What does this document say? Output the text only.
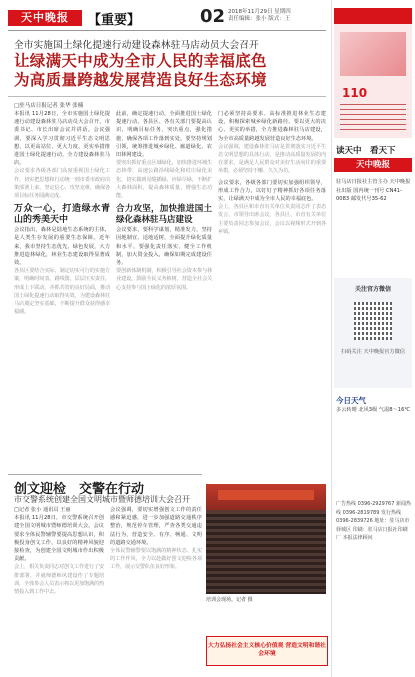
天中晚报	【重要】	02 2018年11月29日 星期四
责任编辑：张小 版式：王
全市实施国土绿化提速行动建设森林驻马店动员大会召开
让绿满天中成为全市人民的幸福底色
为高质量跨越发展营造良好生态环境
□驻马店日报记者 张华 张楠
本报讯 11月28日，全市实施国土绿化提速行动建设森林驻马店动员大会召开。市委书记、市长出席会议并讲话。会议强调，要深入学习贯彻习近平生态文明思想，以更高站位、更大力度、更实举措推进国土绿化提速行动，全力建设森林驻马店。
会议要求各级各部门高度重视国土绿化工作，切实把思想和行动统一到市委市政府决策部署上来，坚定信心，攻坚克难，确保各项目标任务圆满完成。
万众一心，打造绿水青山的秀美天中
会议指出，森林是陆地生态系统的主体，是人类生存发展的重要生态保障。近年来，我市坚持生态优先、绿色发展，大力推进造林绿化，林业生态建设取得显著成效。
各县区要结合实际，制定切实可行的实施方案，明确时间表、路线图，层层压实责任，形成上下联动、齐抓共管的良好局面，推动国土绿化提速行动取得实效，为建设森林驻马店奠定坚实基础，不断提升群众获得感幸福感。
此前，确定提速行动，全面推进国土绿化提速行动。各县区、各有关部门要提高认识，明确目标任务，突出重点，强化措施，确保各项工作落到实处。要坚持规划引领，统筹推进城乡绿化、廊道绿化、农田林网建设。
要突出抓好重点区域绿化，加快推进环城生态林带、高速公路沿线绿化和村庄绿化美化，切实做到见缝插绿、应绿尽绿，不断扩大森林面积，提高森林质量，增强生态功能。
合力攻坚，加快推进国土绿化森林驻马店建设
会议要求，要科学谋划，精准发力，坚持因地制宜、适地适树，全面提升绿化质量和水平。要强化责任落实，健全工作机制，加大资金投入，确保如期完成建设任务。
要创新体制机制，积极引导社会资本参与林业建设，鼓励全民义务植树，营造全社会关心支持参与国土绿化的浓厚氛围。
门必须坚持高要求、高标准推进林业生态建设，积极探索城乡绿化新路径。要以更大的决心、更实的举措，全力推进森林驻马店建设，为全市高质量跨越发展营造良好生态环境。
会议强调，建设森林驻马店是贯彻落实习近平生态文明思想的具体行动，是推动高质量发展的内在要求，是满足人民群众对美好生活向往的重要举措，必须坚持不懈、久久为功。
会议要求，各级各部门要切实加强组织领导，形成工作合力，以钉钉子精神抓好各项任务落实，让绿满天中成为全市人民的幸福底色。
会上，各县区和市直有关单位负责同志作了表态发言，市领导出席会议，各县区、市直有关单位主要负责同志参加会议，会议以视频形式开到各乡镇。
创文迎检　交警在行动
市交警系统创建全国文明城市暨师德培训大会召开
□记者 张小 通讯员 王丽
本报讯 11月28日，市交警系统召开创建全国文明城市暨师德培训大会。会议要求全体民警辅警要提高思想认识，积极投身创文工作，以良好的精神风貌迎接检查，为创建全国文明城市作出积极贡献。
会上，相关负责同志对创文工作进行了安排部署，并就师德师风建设作了专题培训，全体参会人员表示将以更加饱满的热情投入到工作中去。
会议强调，要切实增强创文工作的责任感和紧迫感，进一步加强道路交通秩序整治，规范停车管理，严查各类交通违法行为，营造安全、有序、畅通、文明的道路交通环境。
全体民警辅警要以饱满的精神状态、扎实的工作作风，全力以赴做好创文迎检各项工作，展示交警队伍良好形象。
培训会现场。记者 摄
大力弘扬社会主义核心价值观 营造文明和谐社会环境
110
读天中　看天下
天中晚报
驻马店日报社主管主办 天中晚报社出版 国内统一刊号 CN41-0083 邮发代号35-62
关注官方微信
扫码关注 天中晚报官方微信
今日天气
多云转晴 北风3级 气温8～16℃
广告热线 0396-2929767 新闻热线 0396-2819789 发行热线 0396-2839726 地址：驻马店市驿城区 印刷：驻马店日报社印刷厂 本报法律顾问
